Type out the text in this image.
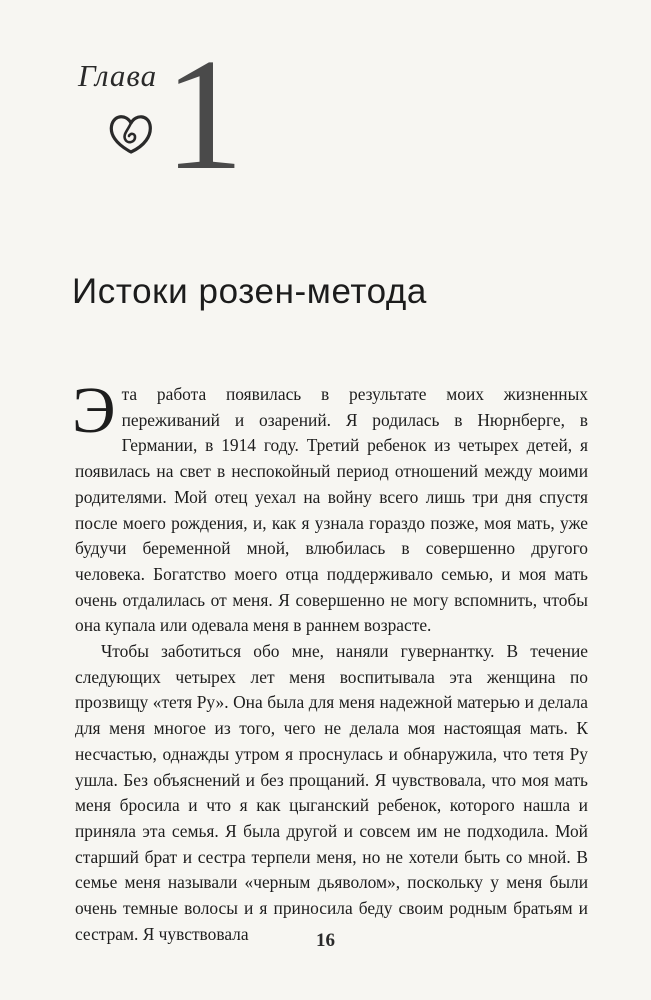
Глава 1
Истоки розен-метода

Эта работа появилась в результате моих жизненных переживаний и озарений. Я родилась в Нюрнберге, в Германии, в 1914 году. Третий ребенок из четырех детей, я появилась на свет в неспокойный период отношений между моими родителями. Мой отец уехал на войну всего лишь три дня спустя после моего рождения, и, как я узнала гораздо позже, моя мать, уже будучи беременной мной, влюбилась в совершенно другого человека. Богатство моего отца поддерживало семью, и моя мать очень отдалилась от меня. Я совершенно не могу вспомнить, чтобы она купала или одевала меня в раннем возрасте.

Чтобы заботиться обо мне, наняли гувернантку. В течение следующих четырех лет меня воспитывала эта женщина по прозвищу «тетя Ру». Она была для меня надежной матерью и делала для меня многое из того, чего не делала моя настоящая мать. К несчастью, однажды утром я проснулась и обнаружила, что тетя Ру ушла. Без объяснений и без прощаний. Я чувствовала, что моя мать меня бросила и что я как цыганский ребенок, которого нашла и приняла эта семья. Я была другой и совсем им не подходила. Мой старший брат и сестра терпели меня, но не хотели быть со мной. В семье меня называли «черным дьяволом», поскольку у меня были очень темные волосы и я приносила беду своим родным братьям и сестрам. Я чувствовала	16
